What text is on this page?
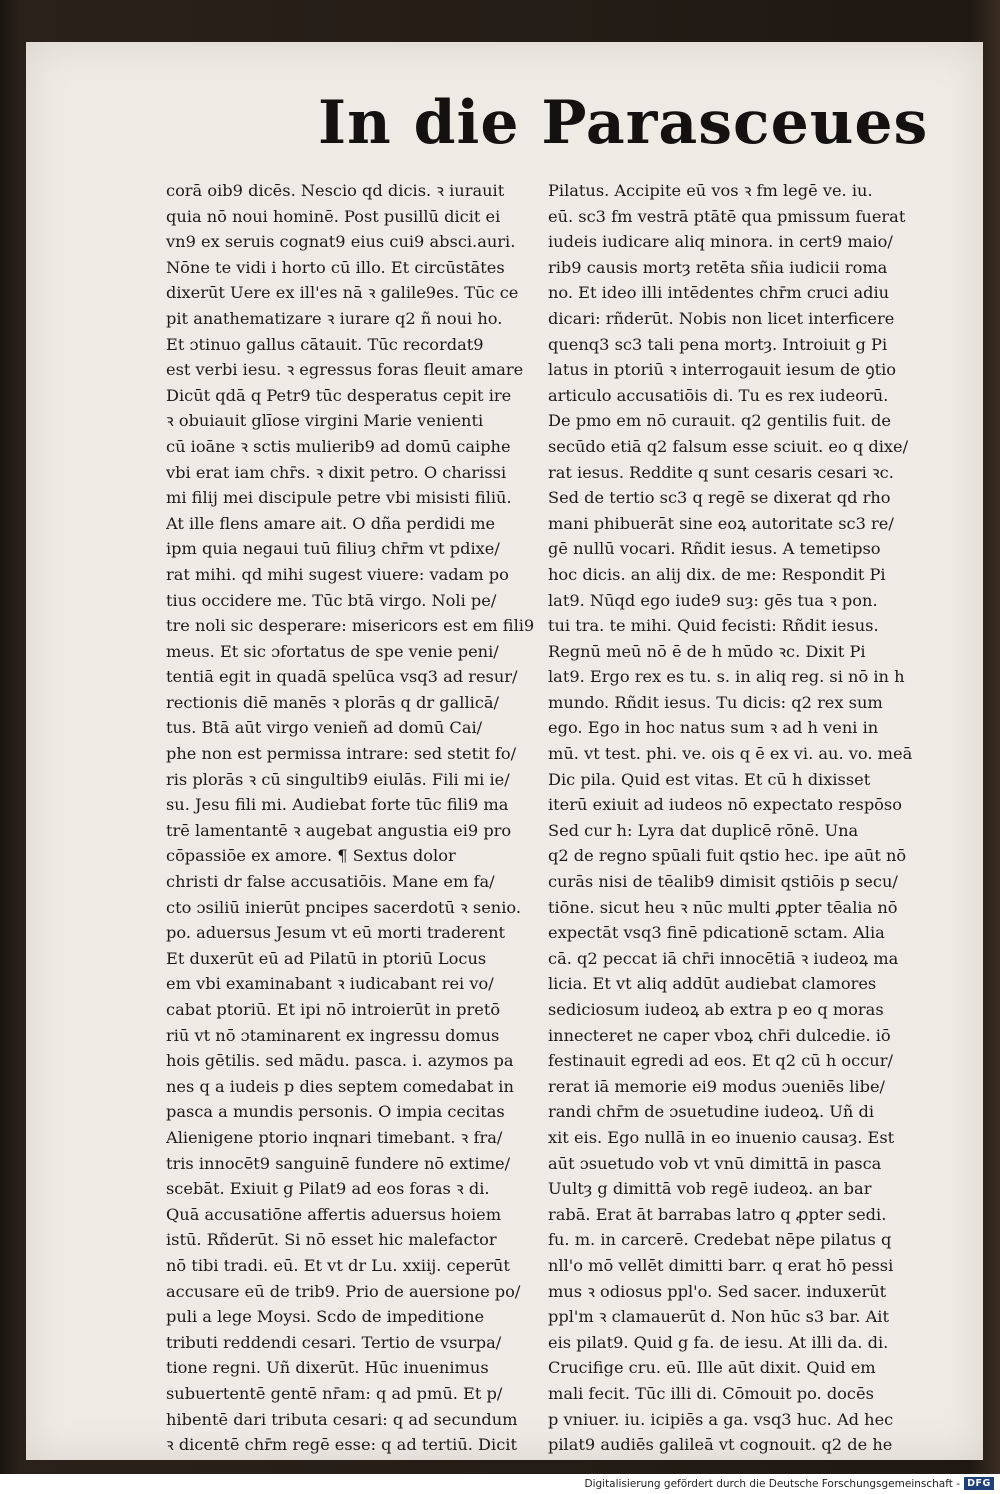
In die Parasceues
corā oib9 dicēs. Nescio qd dicis. ꝛ iurauit
quia nō noui hominē. Post pusillū dicit ei
vn9 ex seruis cognat9 eius cui9 absci.auri.
Nōne te vidi i horto cū illo. Et circūstātes
dixerūt Uere ex ill'es nā ꝛ galile9es. Tūc ce
pit anathematizare ꝛ iurare q2 ñ noui ho.
Et ɔtinuo gallus cātauit. Tūc recordat9
est verbi iesu. ꝛ egressus foras fleuit amare
Dicūt qdā q Petr9 tūc desperatus cepit ire
ꝛ obuiauit glīose virgini Marie venienti
cū ioāne ꝛ sctis mulierib9 ad domū caiphe
vbi erat iam chr̄s. ꝛ dixit petro. O charissi
mi filij mei discipule petre vbi misisti filiū.
At ille flens amare ait. O dña perdidi me
ipm quia negaui tuū filiuȝ chr̄m vt pdixe/
rat mihi. qd mihi sugest viuere: vadam po
tius occidere me. Tūc btā virgo. Noli pe/
tre noli sic desperare: misericors est em fili9
meus. Et sic ɔfortatus de spe venie peni/
tentiā egit in quadā spelūca vsq3 ad resur/
rectionis diē manēs ꝛ plorās q dr gallicā/
tus. Btā aūt virgo venieñ ad domū Cai/
phe non est permissa intrare: sed stetit fo/
ris plorās ꝛ cū singultib9 eiulās. Fili mi ie/
su. Jesu fili mi. Audiebat forte tūc fili9 ma
trē lamentantē ꝛ augebat angustia ei9 pro
cōpassiōe ex amore. ¶ Sextus dolor
christi dr false accusatiōis. Mane em fa/
cto ɔsiliū inierūt pncipes sacerdotū ꝛ senio.
po. aduersus Jesum vt eū morti traderent
Et duxerūt eū ad Pilatū in ptoriū Locus
em vbi examinabant ꝛ iudicabant rei vo/
cabat ptoriū. Et ipi nō introierūt in pretō
riū vt nō ɔtaminarent ex ingressu domus
hois gētilis. sed mādu. pasca. i. azymos pa
nes q a iudeis p dies septem comedabat in
pasca a mundis personis. O impia cecitas
Alienigene ptorio inqnari timebant. ꝛ fra/
tris innocēt9 sanguinē fundere nō extime/
scebāt. Exiuit g Pilat9 ad eos foras ꝛ di.
Quā accusatiōne affertis aduersus hoiem
istū. Rñderūt. Si nō esset hic malefactor
nō tibi tradi. eū. Et vt dr Lu. xxiij. ceperūt
accusare eū de trib9. Prio de auersione po/
puli a lege Moysi. Scdo de impeditione
tributi reddendi cesari. Tertio de vsurpa/
tione regni. Uñ dixerūt. Hūc inuenimus
subuertentē gentē nr̄am: q ad pmū. Et p/
hibentē dari tributa cesari: q ad secundum
ꝛ dicentē chr̄m regē esse: q ad tertiū. Dicit
Pilatus. Accipite eū vos ꝛ fm legē ve. iu.
eū. sc3 fm vestrā ptātē qua pmissum fuerat
iudeis iudicare aliq minora. in cert9 maio/
rib9 causis mortȝ retēta sñia iudicii roma
no. Et ideo illi intēdentes chr̄m cruci adiu
dicari: rñderūt. Nobis non licet interficere
quenq3 sc3 tali pena mortȝ. Introiuit g Pi
latus in ptoriū ꝛ interrogauit iesum de ꝯtio
articulo accusatiōis di. Tu es rex iudeorū.
De pmo em nō curauit. q2 gentilis fuit. de
secūdo etiā q2 falsum esse sciuit. eo q dixe/
rat iesus. Reddite q sunt cesaris cesari ꝛc.
Sed de tertio sc3 q regē se dixerat qd rho
mani phibuerāt sine eoꝝ autoritate sc3 re/
gē nullū vocari. Rñdit iesus. A temetipso
hoc dicis. an alij dix. de me: Respondit Pi
lat9. Nūqd ego iude9 suȝ: gēs tua ꝛ pon.
tui tra. te mihi. Quid fecisti: Rñdit iesus.
Regnū meū nō ē de h mūdo ꝛc. Dixit Pi
lat9. Ergo rex es tu. s. in aliq reg. si nō in h
mundo. Rñdit iesus. Tu dicis: q2 rex sum
ego. Ego in hoc natus sum ꝛ ad h veni in
mū. vt test. phi. ve. ois q ē ex vi. au. vo. meā
Dic pila. Quid est vitas. Et cū h dixisset
iterū exiuit ad iudeos nō expectato respōso
Sed cur h: Lyra dat duplicē rōnē. Una
q2 de regno spūali fuit qstio hec. ipe aūt nō
curās nisi de tēalib9 dimisit qstiōis p secu/
tiōne. sicut heu ꝛ nūc multi ꝓpter tēalia nō
expectāt vsq3 finē pdicationē sctam. Alia
cā. q2 peccat iā chr̄i innocētiā ꝛ iudeoꝝ ma
licia. Et vt aliq addūt audiebat clamores
sediciosum iudeoꝝ ab extra p eo q moras
innecteret ne caper vboꝝ chr̄i dulcedie. iō
festinauit egredi ad eos. Et q2 cū h occur/
rerat iā memorie ei9 modus ɔueniēs libe/
randi chr̄m de ɔsuetudine iudeoꝝ. Uñ di
xit eis. Ego nullā in eo inuenio causaȝ. Est
aūt ɔsuetudo vob vt vnū dimittā in pasca
Uultȝ g dimittā vob regē iudeoꝝ. an bar
rabā. Erat āt barrabas latro q ꝓpter sedi.
fu. m. in carcerē. Credebat nēpe pilatus q
nll'o mō vellēt dimitti barr. q erat hō pessi
mus ꝛ odiosus ppl'o. Sed sacer. induxerūt
ppl'm ꝛ clamauerūt d. Non hūc s3 bar. Ait
eis pilat9. Quid g fa. de iesu. At illi da. di.
Crucifige cru. eū. Ille aūt dixit. Quid em
mali fecit. Tūc illi di. Cōmouit po. docēs
p vniuer. iu. icipiēs a ga. vsq3 huc. Ad hec
pilat9 audiēs galileā vt cognouit. q2 de he
Digitalisierung gefördert durch die Deutsche Forschungsgemeinschaft - DFG
